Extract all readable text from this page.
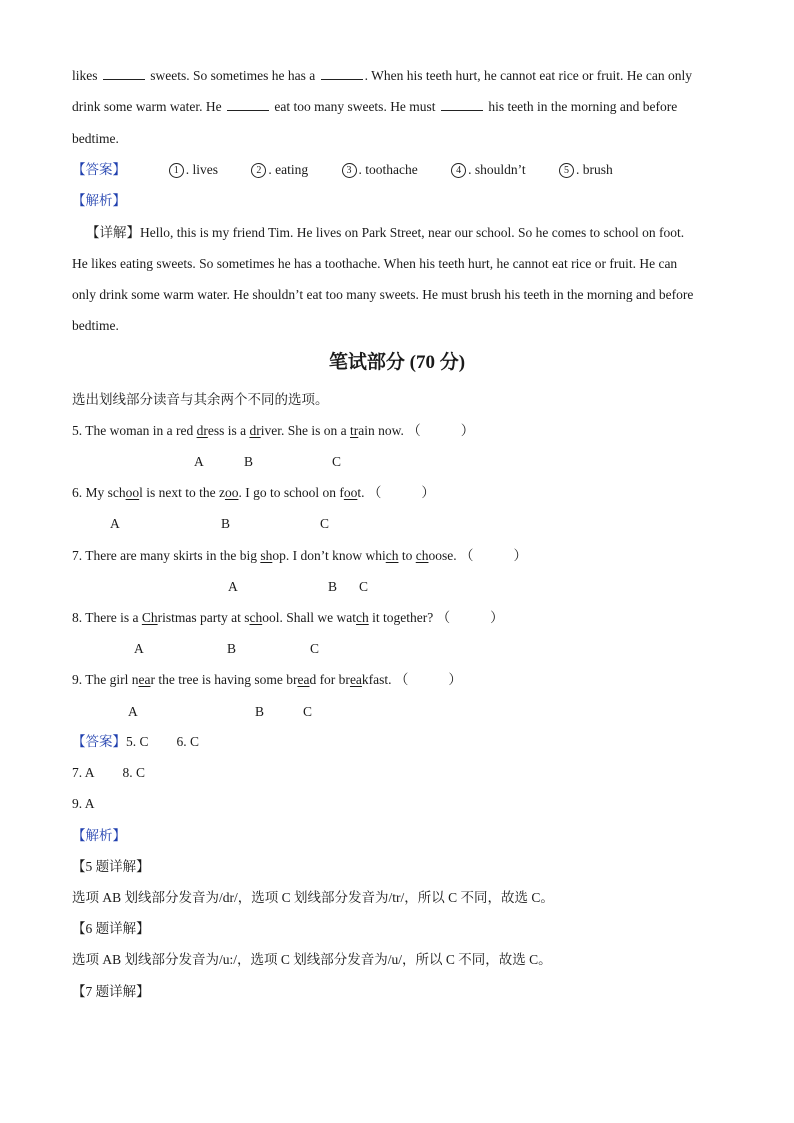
likes	sweets. So sometimes he has a	. When his teeth hurt, he cannot eat rice or fruit. He can only
drink some warm water. He	eat too many sweets. He must	his teeth in the morning and before
bedtime.
【答案】	1 . lives	2 . eating	3 . toothache	4 . shouldn’t	5 . brush
【解析】
【详解】Hello, this is my friend Tim. He lives on Park Street, near our school. So he comes to school on foot.
He likes eating sweets. So sometimes he has a toothache. When his teeth hurt, he cannot eat rice or fruit. He can
only drink some warm water. He shouldn’t eat too many sweets. He must brush his teeth in the morning and before
bedtime.
笔试部分 (70 分)
选出划线部分读音与其余两个不同的选项。
5. The woman in a red dress is a driver. She is on a train now. （	）
A	B	C
6. My school is next to the zoo. I go to school on foot. （	）
A	B	C
7. There are many skirts in the big shop. I don’t know which to choose. （	）
A	B C
8. There is a Christmas party at school. Shall we watch it together? （	）
A	B	C
9. The girl near the tree is having some bread for breakfast. （	）
A	B	C
【答案】5. C 6. C
7. A 8. C
9. A
【解析】
【5 题详解】
选项 AB 划线部分发音为/dr/，选项 C 划线部分发音为/tr/，所以 C 不同，故选 C。
【6 题详解】
选项 AB 划线部分发音为/u:/，选项 C 划线部分发音为/u/，所以 C 不同，故选 C。
【7 题详解】
